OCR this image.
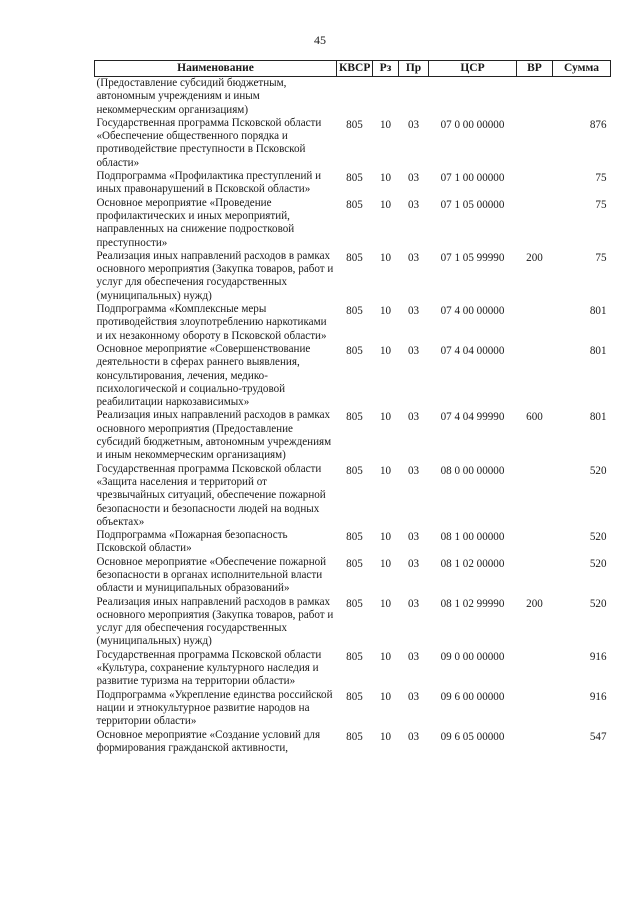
45
Наименование	КВСР	Рз	Пр	ЦСР	ВР	Сумма
(Предоставление субсидий бюджетным, автономным учреждениям и иным некоммерческим организациям)						
Государственная программа Псковской области «Обеспечение общественного порядка и противодействие преступности в Псковской области»	805	10	03	07 0 00 00000		876
Подпрограмма «Профилактика преступлений и иных правонарушений в Псковской области»	805	10	03	07 1 00 00000		75
Основное мероприятие «Проведение профилактических и иных мероприятий, направленных на снижение подростковой преступности»	805	10	03	07 1 05 00000		75
Реализация иных направлений расходов в рамках основного мероприятия (Закупка товаров, работ и услуг для обеспечения государственных (муниципальных) нужд)	805	10	03	07 1 05 99990	200	75
Подпрограмма «Комплексные меры противодействия злоупотреблению наркотиками и их незаконному обороту в Псковской области»	805	10	03	07 4 00 00000		801
Основное мероприятие «Совершенствование деятельности в сферах раннего выявления, консультирования, лечения, медико-психологической и социально-трудовой реабилитации наркозависимых»	805	10	03	07 4 04 00000		801
Реализация иных направлений расходов в рамках основного мероприятия (Предоставление субсидий бюджетным, автономным учреждениям и иным некоммерческим организациям)	805	10	03	07 4 04 99990	600	801
Государственная программа Псковской области «Защита населения и территорий от чрезвычайных ситуаций, обеспечение пожарной безопасности и безопасности людей на водных объектах»	805	10	03	08 0 00 00000		520
Подпрограмма «Пожарная безопасность Псковской области»	805	10	03	08 1 00 00000		520
Основное мероприятие «Обеспечение пожарной безопасности в органах исполнительной власти области и муниципальных образований»	805	10	03	08 1 02 00000		520
Реализация иных направлений расходов в рамках основного мероприятия (Закупка товаров, работ и услуг для обеспечения государственных (муниципальных) нужд)	805	10	03	08 1 02 99990	200	520
Государственная программа Псковской области «Культура, сохранение культурного наследия и развитие туризма на территории области»	805	10	03	09 0 00 00000		916
Подпрограмма «Укрепление единства российской нации и этнокультурное развитие народов на территории области»	805	10	03	09 6 00 00000		916
Основное мероприятие «Создание условий для формирования гражданской активности,	805	10	03	09 6 05 00000		547
